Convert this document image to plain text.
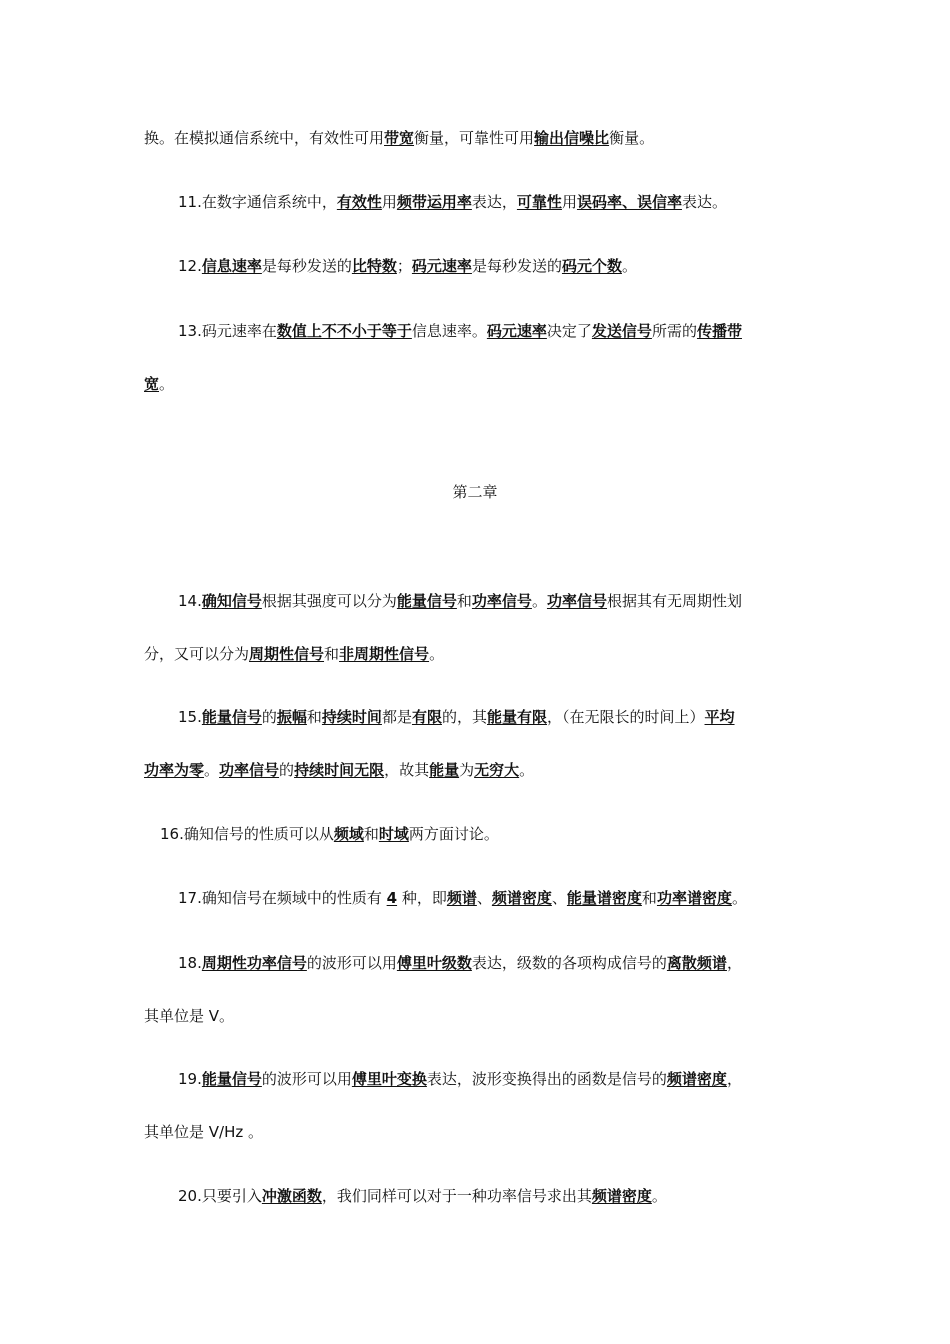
换。在模拟通信系统中，有效性可用带宽衡量，可靠性可用输出信噪比衡量。
11.在数字通信系统中，有效性用频带运用率表达，可靠性用误码率、误信率表达。
12.信息速率是每秒发送的比特数；码元速率是每秒发送的码元个数。
13.码元速率在数值上不不小于等于信息速率。码元速率决定了发送信号所需的传播带
宽。
第二章
14.确知信号根据其强度可以分为能量信号和功率信号。功率信号根据其有无周期性划
分，又可以分为周期性信号和非周期性信号。
15.能量信号的振幅和持续时间都是有限的，其能量有限，（在无限长的时间上）平均
功率为零。功率信号的持续时间无限，故其能量为无穷大。
16.确知信号的性质可以从频域和时域两方面讨论。
17.确知信号在频域中的性质有 4 种，即频谱、频谱密度、能量谱密度和功率谱密度。
18.周期性功率信号的波形可以用傅里叶级数表达，级数的各项构成信号的离散频谱，
其单位是 V。
19.能量信号的波形可以用傅里叶变换表达，波形变换得出的函数是信号的频谱密度，
其单位是 V/Hz 。
20.只要引入冲激函数，我们同样可以对于一种功率信号求出其频谱密度。
